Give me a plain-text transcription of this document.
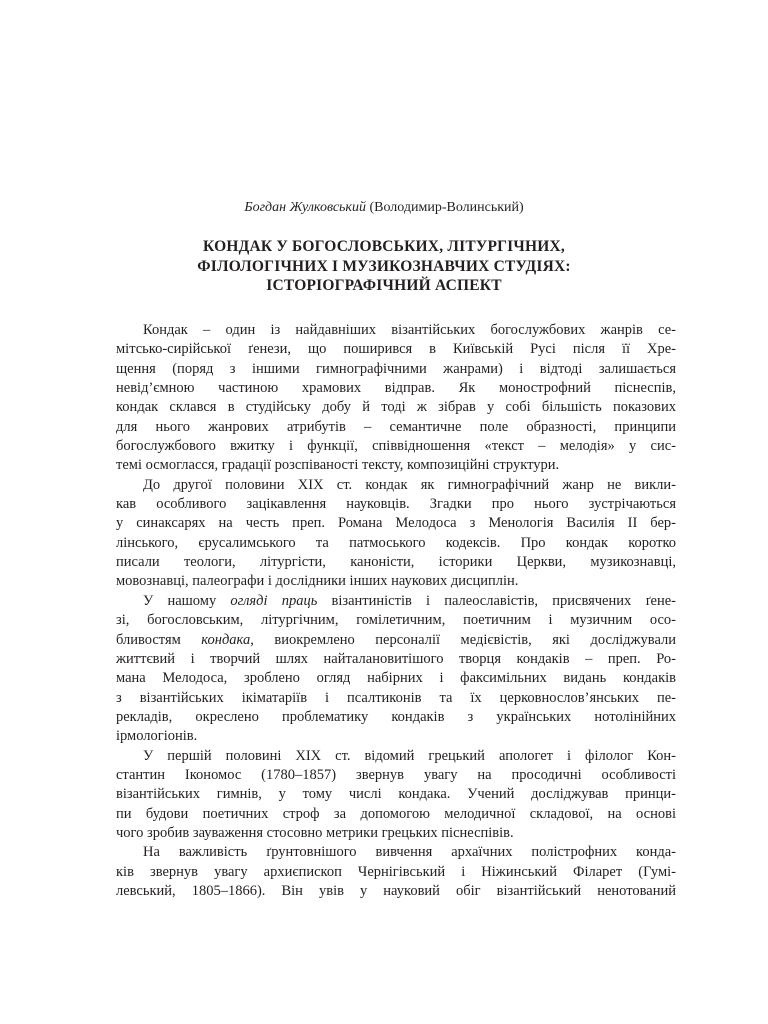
Богдан Жулковський (Володимир-Волинський)
КОНДАК У БОГОСЛОВСЬКИХ, ЛІТУРГІЧНИХ,
ФІЛОЛОГІЧНИХ І МУЗИКОЗНАВЧИХ СТУДІЯХ:
ІСТОРІОГРАФІЧНИЙ АСПЕКТ
Кондак – один із найдавніших візантійських богослужбових жанрів се-
мітсько-сирійської ґенези, що поширився в Київській Русі після її Хре-
щення (поряд з іншими гимнографічними жанрами) і відтоді залишається
невід’ємною частиною храмових відправ. Як монострофний піснеспів,
кондак склався в студійську добу й тоді ж зібрав у собі більшість показових
для нього жанрових атрибутів – семантичне поле образності, принципи
богослужбового вжитку і функції, співвідношення «текст – мелодія» у сис-
темі осмогласся, градації розспіваності тексту, композиційні структури.
До другої половини XIX ст. кондак як гимнографічний жанр не викли-
кав особливого зацікавлення науковців. Згадки про нього зустрічаються
у синаксарях на честь преп. Романа Мелодоса з Менологія Василія II бер-
лінського, єрусалимського та патмоського кодексів. Про кондак коротко
писали теологи, літургісти, каноністи, історики Церкви, музикознавці,
мовознавці, палеографи і дослідники інших наукових дисциплін.
У нашому огляді праць візантиністів і палеославістів, присвячених ґене-
зі, богословським, літургічним, гомілетичним, поетичним і музичним осо-
бливостям кондака, виокремлено персоналії медієвістів, які досліджували
життєвий і творчий шлях найталановитішого творця кондаків – преп. Ро-
мана Мелодоса, зроблено огляд набірних і факсимільних видань кондаків
з візантійських ікіматаріїв і псалтиконів та їх церковнослов’янських пе-
рекладів, окреслено проблематику кондаків з українських нотолінійних
ірмологіонів.
У першій половині XIX ст. відомий грецький апологет і філолог Кон-
стантин Ікономос (1780–1857) звернув увагу на просодичні особливості
візантійських гимнів, у тому числі кондака. Учений досліджував принци-
пи будови поетичних строф за допомогою мелодичної складової, на основі
чого зробив зауваження стосовно метрики грецьких піснеспівів.
На важливість ґрунтовнішого вивчення архаїчних полістрофних конда-
ків звернув увагу архиєпископ Чернігівський і Ніжинський Філарет (Гумі-
левський, 1805–1866). Він увів у науковий обіг візантійський ненотований
